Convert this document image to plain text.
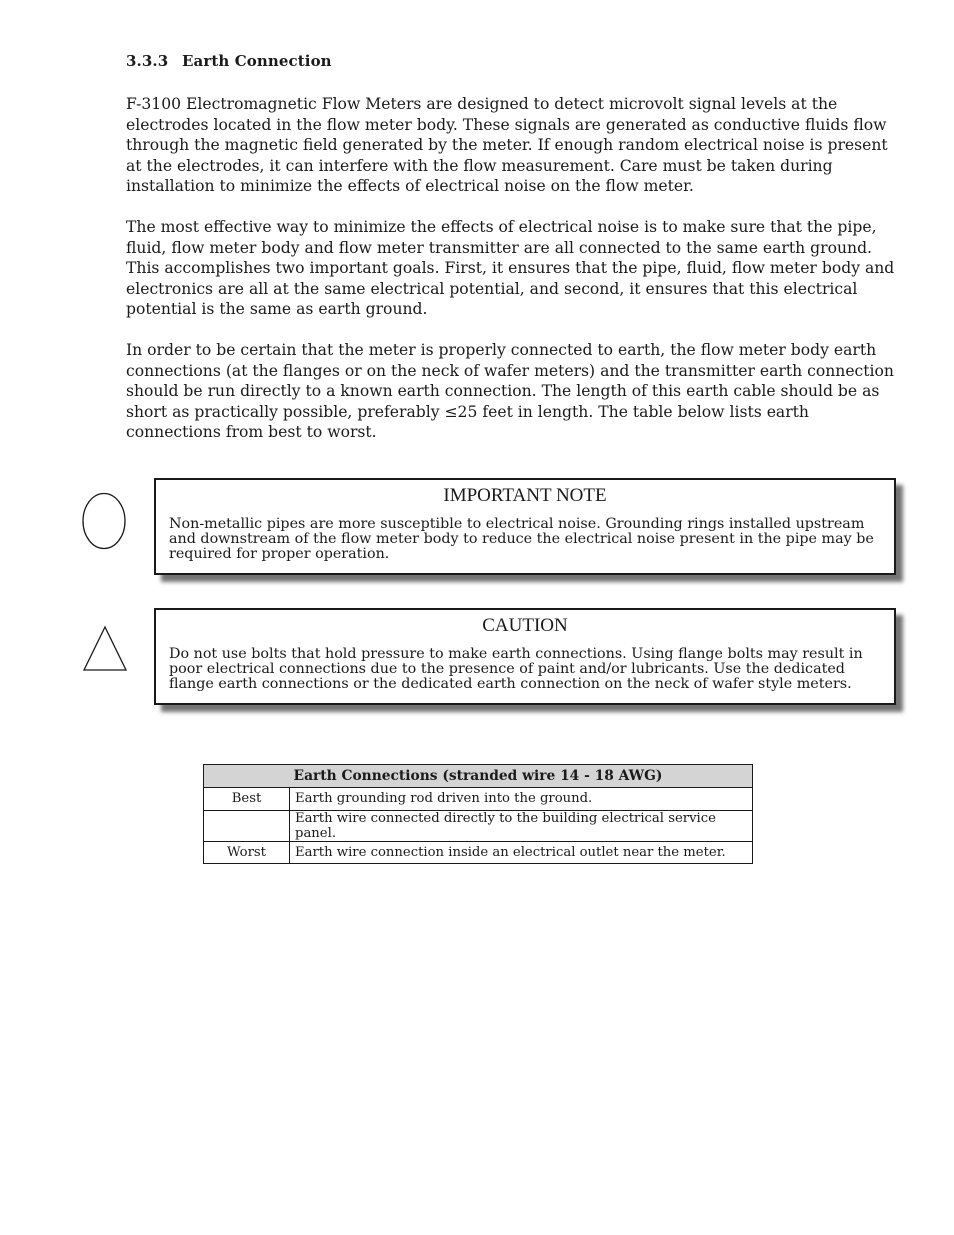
3.3.3 Earth Connection

F-3100 Electromagnetic Flow Meters are designed to detect microvolt signal levels at the electrodes located in the flow meter body. These signals are generated as conductive fluids flow through the magnetic field generated by the meter. If enough random electrical noise is present at the electrodes, it can interfere with the flow measurement. Care must be taken during installation to minimize the effects of electrical noise on the flow meter.

The most effective way to minimize the effects of electrical noise is to make sure that the pipe, fluid, flow meter body and flow meter transmitter are all connected to the same earth ground. This accomplishes two important goals. First, it ensures that the pipe, fluid, flow meter body and electronics are all at the same electrical potential, and second, it ensures that this electrical potential is the same as earth ground.

In order to be certain that the meter is properly connected to earth, the flow meter body earth connections (at the flanges or on the neck of wafer meters) and the transmitter earth connection should be run directly to a known earth connection. The length of this earth cable should be as short as practically possible, preferably ≤25 feet in length. The table below lists earth connections from best to worst.

IMPORTANT NOTE
Non-metallic pipes are more susceptible to electrical noise. Grounding rings installed upstream and downstream of the flow meter body to reduce the electrical noise present in the pipe may be required for proper operation.
CAUTION
Do not use bolts that hold pressure to make earth connections. Using flange bolts may result in poor electrical connections due to the presence of paint and/or lubricants. Use the dedicated flange earth connections or the dedicated earth connection on the neck of wafer style meters.
Earth Connections (stranded wire 14 - 18 AWG)	
Best	Earth grounding rod driven into the ground.
	Earth wire connected directly to the building electrical service panel.
Worst	Earth wire connection inside an electrical outlet near the meter.
